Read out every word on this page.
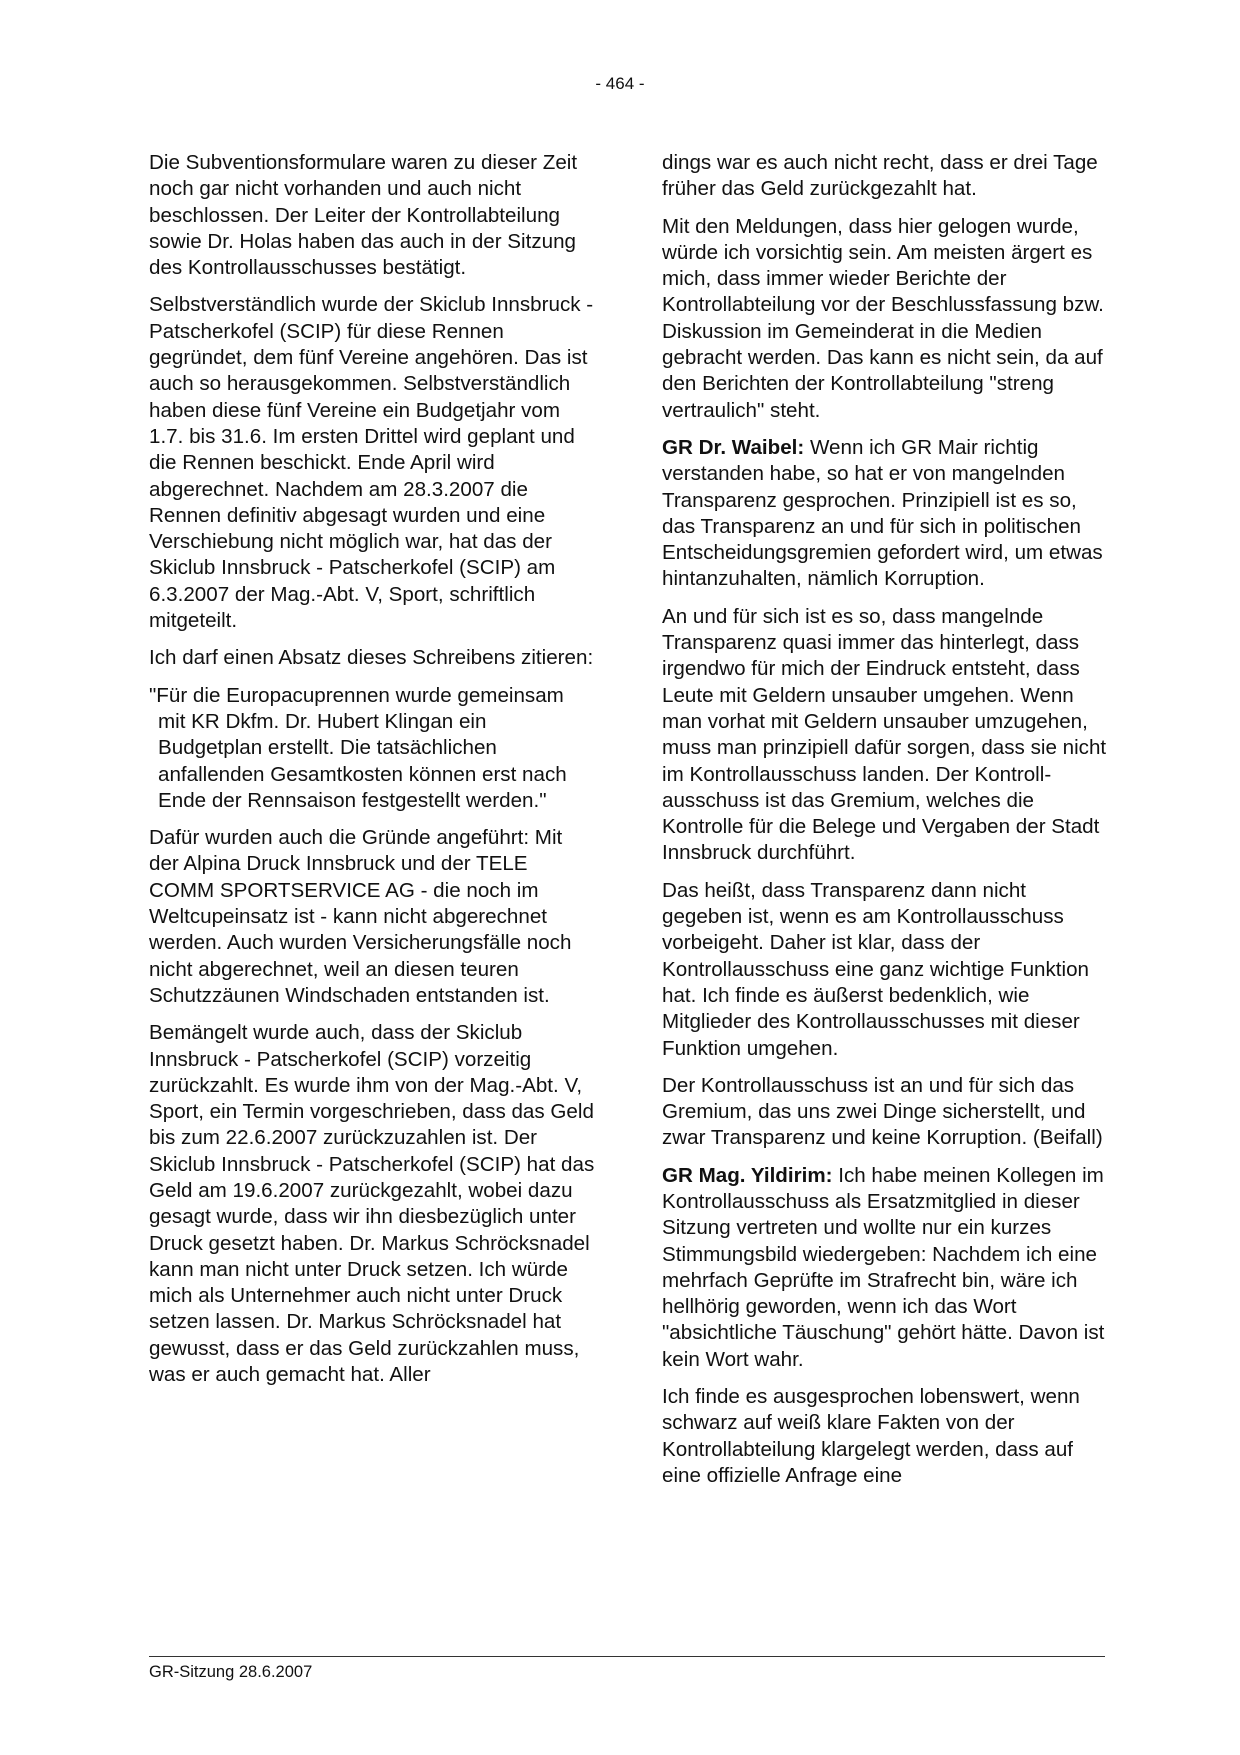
- 464 -

Die Subventionsformulare waren zu dieser Zeit noch gar nicht vorhanden und auch nicht beschlossen. Der Leiter der Kontrollabteilung sowie Dr. Holas haben das auch in der Sitzung des Kontrollausschusses bestätigt.

Selbstverständlich wurde der Skiclub Innsbruck - Patscherkofel (SCIP) für diese Rennen gegründet, dem fünf Vereine angehören. Das ist auch so herausgekommen. Selbstverständlich haben diese fünf Vereine ein Budgetjahr vom 1.7. bis 31.6. Im ersten Drittel wird geplant und die Rennen beschickt. Ende April wird abgerechnet. Nachdem am 28.3.2007 die Rennen definitiv abgesagt wurden und eine Verschiebung nicht möglich war, hat das der Skiclub Innsbruck - Patscherkofel (SCIP) am 6.3.2007 der Mag.-Abt. V, Sport, schriftlich mitgeteilt.

Ich darf einen Absatz dieses Schreibens zitieren:

"Für die Europacuprennen wurde gemeinsam mit KR Dkfm. Dr. Hubert Klingan ein Budgetplan erstellt. Die tatsächlichen anfallenden Gesamtkosten können erst nach Ende der Rennsaison festgestellt werden."

Dafür wurden auch die Gründe angeführt: Mit der Alpina Druck Innsbruck und der TELE COMM SPORTSERVICE AG - die noch im Weltcupeinsatz ist - kann nicht abgerechnet werden. Auch wurden Versicherungsfälle noch nicht abgerechnet, weil an diesen teuren Schutzzäunen Windschaden entstanden ist.

Bemängelt wurde auch, dass der Skiclub Innsbruck - Patscherkofel (SCIP) vorzeitig zurückzahlt. Es wurde ihm von der Mag.-Abt. V, Sport, ein Termin vorgeschrieben, dass das Geld bis zum 22.6.2007 zurückzuzahlen ist. Der Skiclub Innsbruck - Patscherkofel (SCIP) hat das Geld am 19.6.2007 zurückgezahlt, wobei dazu gesagt wurde, dass wir ihn diesbezüglich unter Druck gesetzt haben. Dr. Markus Schröcksnadel kann man nicht unter Druck setzen. Ich würde mich als Unternehmer auch nicht unter Druck setzen lassen. Dr. Markus Schröcksnadel hat gewusst, dass er das Geld zurückzahlen muss, was er auch gemacht hat. Aller

dings war es auch nicht recht, dass er drei Tage früher das Geld zurückgezahlt hat.

Mit den Meldungen, dass hier gelogen wurde, würde ich vorsichtig sein. Am meisten ärgert es mich, dass immer wieder Berichte der Kontrollabteilung vor der Beschlussfassung bzw. Diskussion im Gemeinderat in die Medien gebracht werden. Das kann es nicht sein, da auf den Berichten der Kontrollabteilung "streng vertraulich" steht.

GR Dr. Waibel: Wenn ich GR Mair richtig verstanden habe, so hat er von mangelnden Transparenz gesprochen. Prinzipiell ist es so, das Transparenz an und für sich in politischen Entscheidungsgremien gefordert wird, um etwas hintanzuhalten, nämlich Korruption.

An und für sich ist es so, dass mangelnde Transparenz quasi immer das hinterlegt, dass irgendwo für mich der Eindruck entsteht, dass Leute mit Geldern unsauber umgehen. Wenn man vorhat mit Geldern unsauber umzugehen, muss man prinzipiell dafür sorgen, dass sie nicht im Kontrollausschuss landen. Der Kontrollausschuss ist das Gremium, welches die Kontrolle für die Belege und Vergaben der Stadt Innsbruck durchführt.

Das heißt, dass Transparenz dann nicht gegeben ist, wenn es am Kontrollausschuss vorbeigeht. Daher ist klar, dass der Kontrollausschuss eine ganz wichtige Funktion hat. Ich finde es äußerst bedenklich, wie Mitglieder des Kontrollausschusses mit dieser Funktion umgehen.

Der Kontrollausschuss ist an und für sich das Gremium, das uns zwei Dinge sicherstellt, und zwar Transparenz und keine Korruption. (Beifall)

GR Mag. Yildirim: Ich habe meinen Kollegen im Kontrollausschuss als Ersatzmitglied in dieser Sitzung vertreten und wollte nur ein kurzes Stimmungsbild wiedergeben: Nachdem ich eine mehrfach Geprüfte im Strafrecht bin, wäre ich hellhörig geworden, wenn ich das Wort "absichtliche Täuschung" gehört hätte. Davon ist kein Wort wahr.

Ich finde es ausgesprochen lobenswert, wenn schwarz auf weiß klare Fakten von der Kontrollabteilung klargelegt werden, dass auf eine offizielle Anfrage eine

GR-Sitzung 28.6.2007
